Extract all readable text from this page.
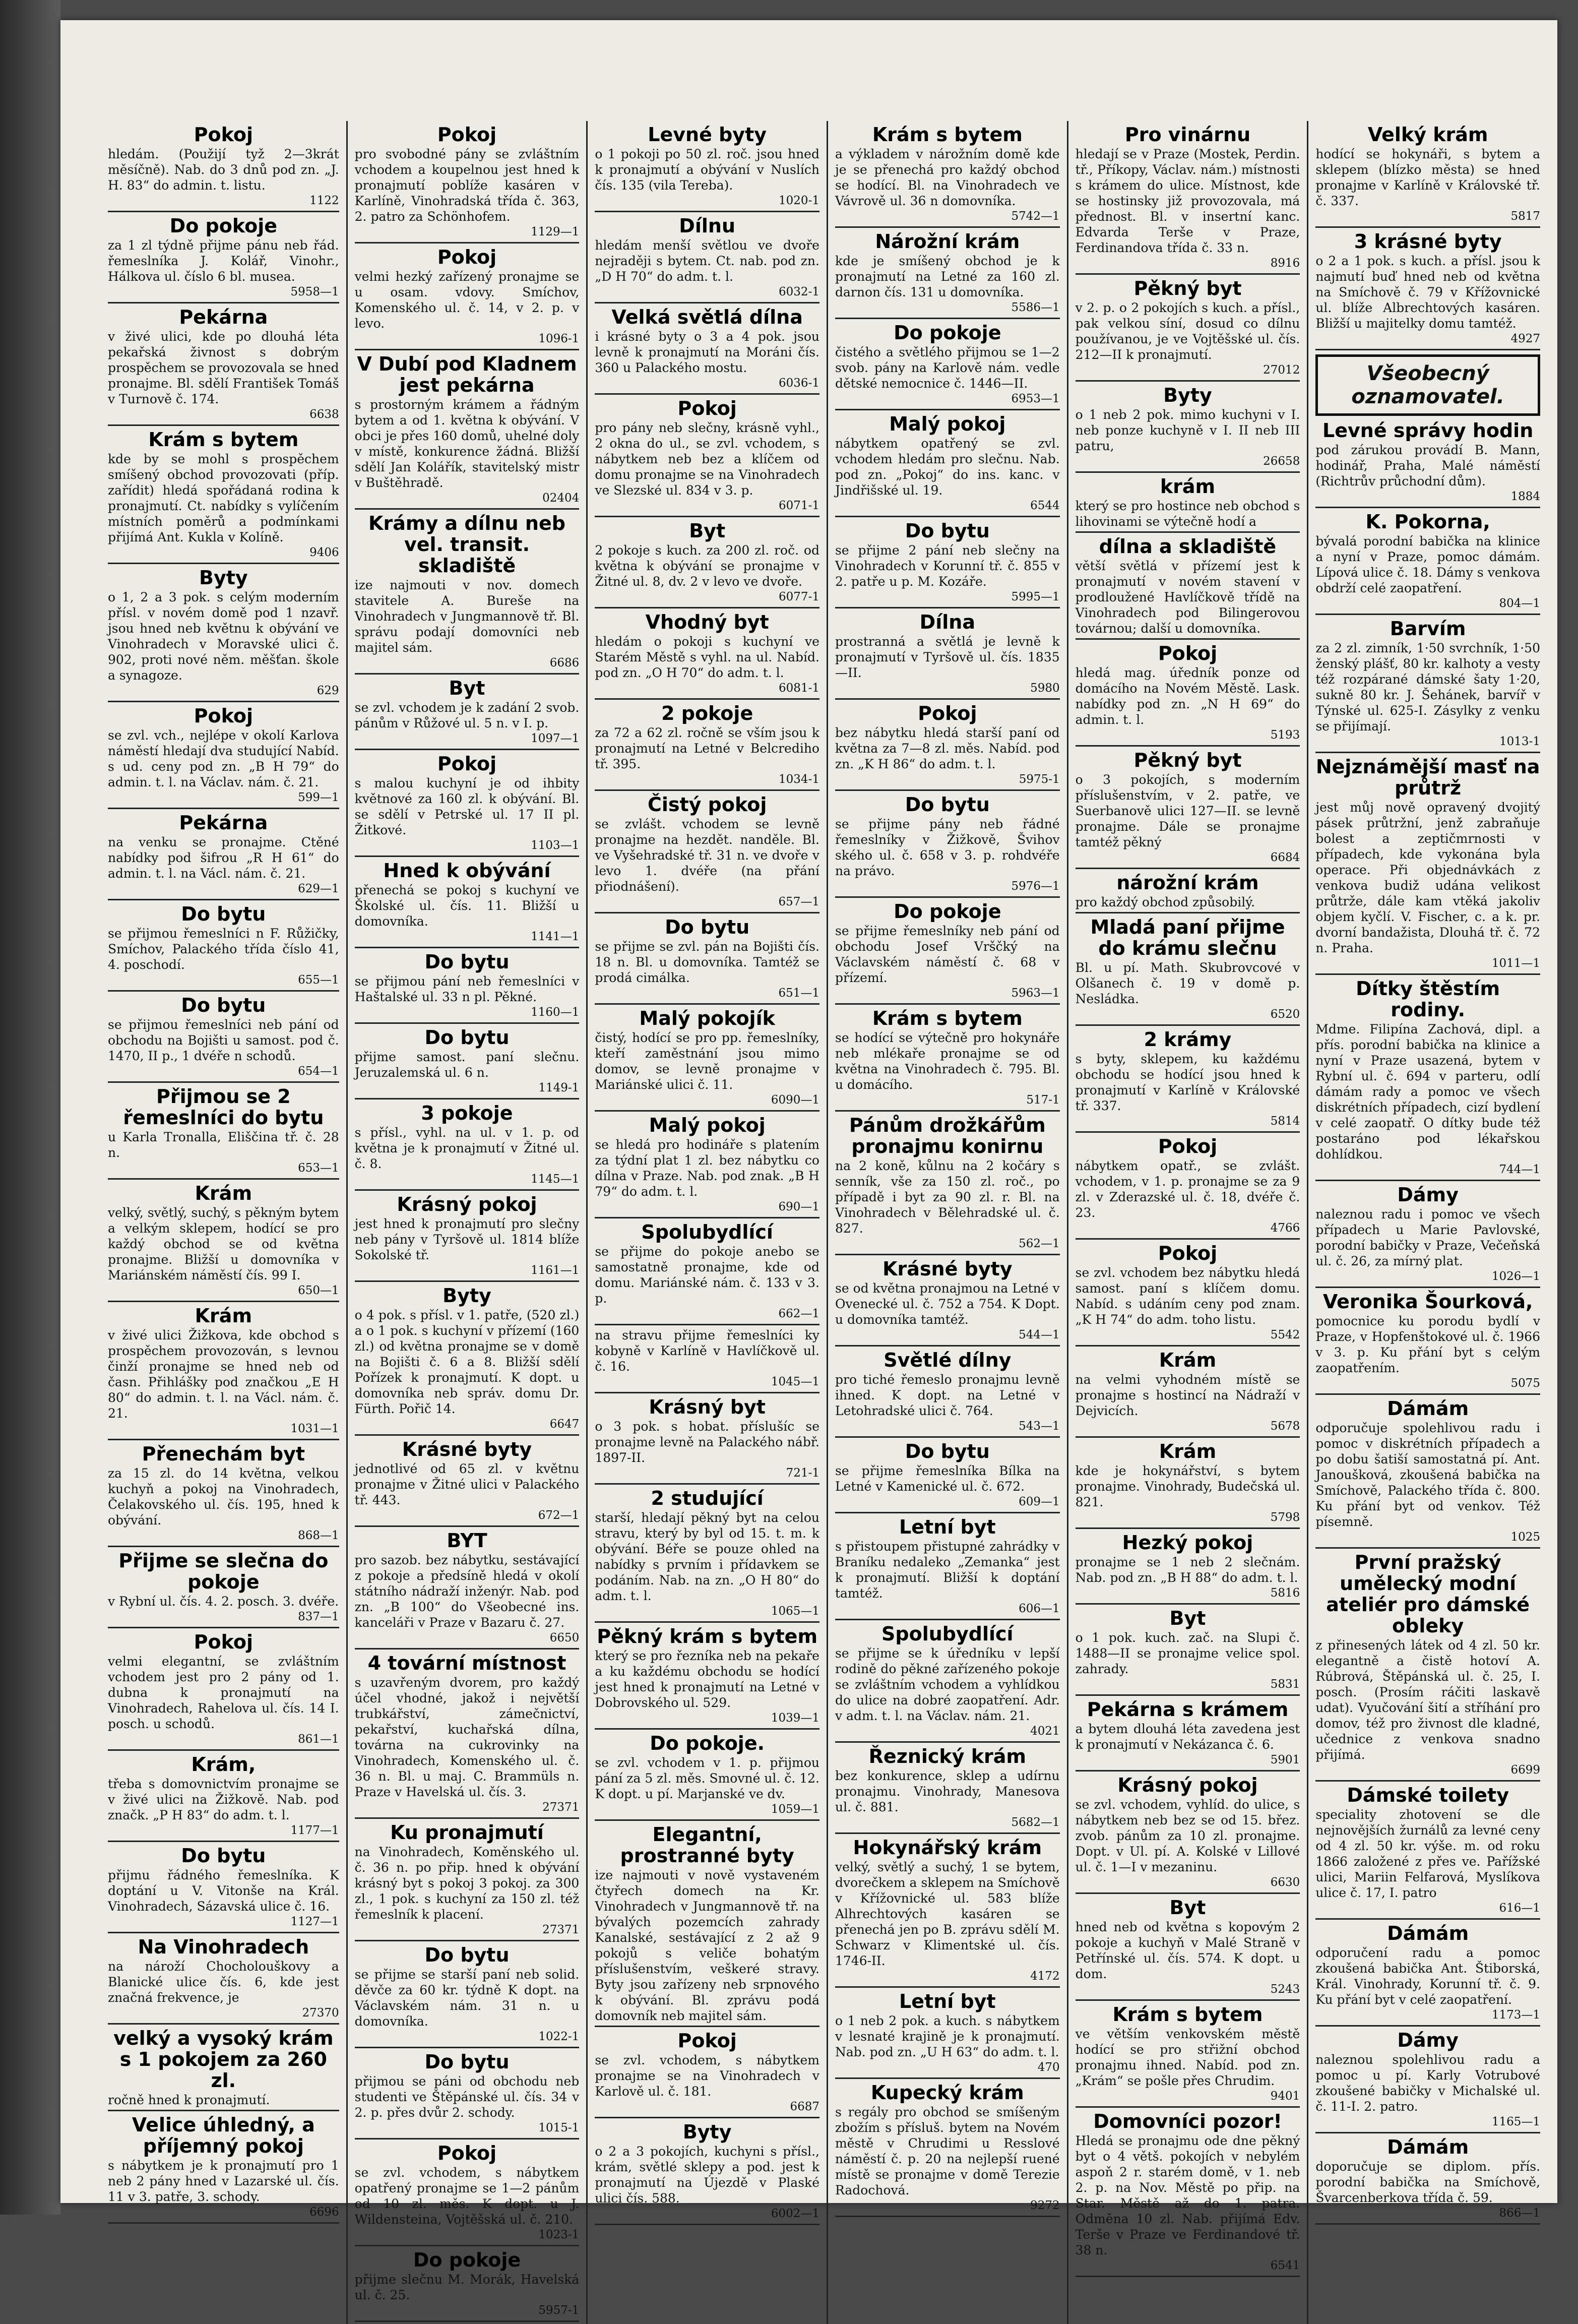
Pokoj

hledám. (Použijí tyž 2—3krát měsíčně). Nab. do 3 dnů pod zn. „J. H. 83“ do admin. t. listu.

1122
Do pokoje

za 1 zl týdně přijme pánu neb řád. řemeslníka J. Kolář, Vinohr., Hálkova ul. číslo 6 bl. musea.

5958—1
Pekárna

v živé ulici, kde po dlouhá léta pekařská živnost s dobrým prospěchem se provozovala se hned pronajme. Bl. sdělí František Tomáš v Turnově č. 174.

6638
Krám s bytem

kde by se mohl s prospěchem smíšený obchod provozovati (příp. zařídit) hledá spořádaná rodina k pronajmutí. Ct. nabídky s vylíčením místních poměrů a podmínkami přijímá Ant. Kukla v Kolíně.

9406
Byty

o 1, 2 a 3 pok. s celým moderním přísl. v novém domě pod 1 nzavř. jsou hned neb květnu k obývání ve Vinohradech v Moravské ulici č. 902, proti nové něm. měšťan. škole a synagoze.

629
Pokoj

se zvl. vch., nejlépe v okolí Karlova náměstí hledají dva studující Nabíd. s ud. ceny pod zn. „B H 79“ do admin. t. l. na Václav. nám. č. 21.

599—1
Pekárna

na venku se pronajme. Ctěné nabídky pod šifrou „R H 61“ do admin. t. l. na Václ. nám. č. 21.

629—1
Do bytu

se přijmou řemeslníci n F. Růžičky, Smíchov, Palackého třída číslo 41, 4. poschodí.

655—1
Do bytu

se přijmou řemeslníci neb pání od obchodu na Bojišti u samost. pod č. 1470, II p., 1 dvéře n schodů.

654—1
Přijmou se 2 řemeslníci do bytu

u Karla Tronalla, Eliščina tř. č. 28 n.

653—1
Krám

velký, světlý, suchý, s pěkným bytem a velkým sklepem, hodící se pro každý obchod se od května pronajme. Bližší u domovníka v Mariánském náměstí čís. 99 I.

650—1
Krám

v živé ulici Žižkova, kde obchod s prospěchem provozován, s levnou činží pronajme se hned neb od časn. Přihlášky pod značkou „E H 80“ do admin. t. l. na Václ. nám. č. 21.

1031—1
Přenechám byt

za 15 zl. do 14 května, velkou kuchyň a pokoj na Vinohradech, Čelakovského ul. čís. 195, hned k obývání.

868—1
Přijme se slečna do pokoje

v Rybní ul. čís. 4. 2. posch. 3. dvéře.

837—1
Pokoj

velmi elegantní, se zvláštním vchodem jest pro 2 pány od 1. dubna k pronajmutí na Vinohradech, Rahelova ul. čís. 14 I. posch. u schodů.

861—1
Krám,

třeba s domovnictvím pronajme se v živé ulici na Žižkově. Nab. pod značk. „P H 83“ do adm. t. l.

1177—1
Do bytu

přijmu řádného řemeslníka. K doptání u V. Vitonše na Král. Vinohradech, Sázavská ulice č. 16.

1127—1
Na Vinohradech

na nároží Chocholouškovy a Blanické ulice čís. 6, kde jest značná frekvence, je

27370
velký a vysoký krám s 1 pokojem za 260 zl.

ročně hned k pronajmutí.

Velice úhledný, a příjemný pokoj

s nábytkem je k pronajmutí pro 1 neb 2 pány hned v Lazarské ul. čís. 11 v 3. patře, 3. schody.

6696
Pokoj

pro svobodné pány se zvláštním vchodem a koupelnou jest hned k pronajmutí poblíže kasáren v Karlíně, Vinohradská třída č. 363, 2. patro za Schönhofem.

1129—1
Pokoj

velmi hezký zařízený pronajme se u osam. vdovy. Smíchov, Komenského ul. č. 14, v 2. p. v levo.

1096-1
V Dubí pod Kladnem jest pekárna

s prostorným krámem a řádným bytem a od 1. května k obývání. V obci je přes 160 domů, uhelné doly v místě, konkurence žádná. Bližší sdělí Jan Kolářík, stavitelský mistr v Buštěhradě.

02404
Krámy a dílnu neb vel. transit. skladiště

ize najmouti v nov. domech stavitele A. Bureše na Vinohradech v Jungmannově tř. Bl. správu podají domovníci neb majitel sám.

6686
Byt

se zvl. vchodem je k zadání 2 svob. pánům v Růžové ul. 5 n. v I. p.

1097—1
Pokoj

s malou kuchyní je od ihbity květnové za 160 zl. k obývání. Bl. se sdělí v Petrské ul. 17 II pl. Žitkové.

1103—1
Hned k obývání

přenechá se pokoj s kuchyní ve Školské ul. čís. 11. Bližší u domovníka.

1141—1
Do bytu

se přijmou pání neb řemeslníci v Haštalské ul. 33 n pl. Pěkné.

1160—1
Do bytu

přijme samost. paní slečnu. Jeruzalemská ul. 6 n.

1149-1
3 pokoje

s přísl., vyhl. na ul. v 1. p. od května je k pronajmutí v Žitné ul. č. 8.

1145—1
Krásný pokoj

jest hned k pronajmutí pro slečny neb pány v Tyršově ul. 1814 blíže Sokolské tř.

1161—1
Byty

o 4 pok. s přísl. v 1. patře, (520 zl.) a o 1 pok. s kuchyní v přízemí (160 zl.) od května pronajme se v domě na Bojišti č. 6 a 8. Bližší sdělí Pořízek k pronajmutí. K dopt. u domovníka neb správ. domu Dr. Fürth. Pořič 14.

6647
Krásné byty

jednotlivé od 65 zl. v květnu pronajme v Žitné ulici v Palackého tř. 443.

672—1
BYT

pro sazob. bez nábytku, sestávající z pokoje a předsíně hledá v okolí státního nádraží inženýr. Nab. pod zn. „B 100“ do Všeobecné ins. kanceláři v Praze v Bazaru č. 27.

6650
4 tovární místnost

s uzavřeným dvorem, pro každý účel vhodné, jakož i největší trubkářství, zámečnictví, pekařství, kuchařská dílna, továrna na cukrovinky na Vinohradech, Komenského ul. č. 36 n. Bl. u maj. C. Brammüls n. Praze v Havelská ul. čís. 3.

27371
Ku pronajmutí

na Vinohradech, Koměnského ul. č. 36 n. po přip. hned k obývání krásný byt s pokoj 3 pokoj. za 300 zl., 1 pok. s kuchyní za 150 zl. též řemeslník k placení.

27371
Do bytu

se přijme se starší paní neb solid. děvče za 60 kr. týdně K dopt. na Václavském nám. 31 n. u domovníka.

1022-1
Do bytu

přijmou se páni od obchodu neb studenti ve Štěpánské ul. čís. 34 v 2. p. přes dvůr 2. schody.

1015-1
Pokoj

se zvl. vchodem, s nábytkem opatřený pronajme se 1—2 pánům od 10 zl. měs. K dopt. u J. Wildensteina, Vojtěšská ul. č. 210.

1023-1
Do pokoje

přijme slečnu M. Morák, Havelská ul. č. 25.

5957-1
Levné byty

o 1 pokoji po 50 zl. roč. jsou hned k pronajmutí a obývání v Nuslích čís. 135 (vila Tereba).

1020-1
Dílnu

hledám menší světlou ve dvoře nejraději s bytem. Ct. nab. pod zn. „D H 70“ do adm. t. l.

6032-1
Velká světlá dílna

i krásné byty o 3 a 4 pok. jsou levně k pronajmutí na Moráni čís. 360 u Palackého mostu.

6036-1
Pokoj

pro pány neb slečny, krásně vyhl., 2 okna do ul., se zvl. vchodem, s nábytkem neb bez a klíčem od domu pronajme se na Vinohradech ve Slezské ul. 834 v 3. p.

6071-1
Byt

2 pokoje s kuch. za 200 zl. roč. od května k obývání se pronajme v Žitné ul. 8, dv. 2 v levo ve dvoře.

6077-1
Vhodný byt

hledám o pokoji s kuchyní ve Starém Městě s vyhl. na ul. Nabíd. pod zn. „O H 70“ do adm. t. l.

6081-1
2 pokoje

za 72 a 62 zl. ročně se vším jsou k pronajmutí na Letné v Belcrediho tř. 395.

1034-1
Čistý pokoj

se zvlášt. vchodem se levně pronajme na hezdět. nanděle. Bl. ve Vyšehradské tř. 31 n. ve dvoře v levo 1. dvéře (na přání přiodnášení).

657—1
Do bytu

se přijme se zvl. pán na Bojišti čís. 18 n. Bl. u domovníka. Tamtéž se prodá cimálka.

651—1
Malý pokojík

čistý, hodící se pro pp. řemeslníky, kteří zaměstnání jsou mimo domov, se levně pronajme v Mariánské ulici č. 11.

6090—1
Malý pokoj

se hledá pro hodináře s platením za týdní plat 1 zl. bez nábytku co dílna v Praze. Nab. pod znak. „B H 79“ do adm. t. l.

690—1
Spolubydlící

se přijme do pokoje anebo se samostatně pronajme, kde od domu. Mariánské nám. č. 133 v 3. p.

662—1

na stravu přijme řemeslníci ky kobyně v Karlíně v Havlíčkově ul. č. 16.

1045—1
Krásný byt

o 3 pok. s hobat. příslušíc se pronajme levně na Palackého nábř. 1897-II.

721-1
2 studující

starší, hledají pěkný byt na celou stravu, který by byl od 15. t. m. k obývání. Béře se pouze ohled na nabídky s prvním i přídavkem se podáním. Nab. na zn. „O H 80“ do adm. t. l.

1065—1
Pěkný krám s bytem

který se pro řezníka neb na pekaře a ku každému obchodu se hodící jest hned k pronajmutí na Letné v Dobrovského ul. 529.

1039—1
Do pokoje.

se zvl. vchodem v 1. p. přijmou pání za 5 zl. měs. Smovné ul. č. 12. K dopt. u pí. Marjanské ve dv.

1059—1
Elegantní, prostranné byty

ize najmouti v nově vystaveném čtyřech domech na Kr. Vinohradech v Jungmannově tř. na bývalých pozemcích zahrady Kanalské, sestávající z 2 až 9 pokojů s veliče bohatým příslušenstvím, veškeré stravy. Byty jsou zařízeny neb srpnového k obývání. Bl. zprávu podá domovník neb majitel sám.

Pokoj

se zvl. vchodem, s nábytkem pronajme se na Vinohradech v Karlově ul. č. 181.

6687
Byty

o 2 a 3 pokojích, kuchyni s přísl., krám, světlé sklepy a pod. jest k pronajmutí na Újezdě v Plaské ulici čís. 588.

6002—1
Krám s bytem

a výkladem v nárožním domě kde je se přenechá pro každý obchod se hodící. Bl. na Vinohradech ve Vávrově ul. 36 n domovníka.

5742—1
Nárožní krám

kde je smíšený obchod je k pronajmutí na Letné za 160 zl. darnon čís. 131 u domovníka.

5586—1
Do pokoje

čistého a světlého přijmou se 1—2 svob. pány na Karlově nám. vedle dětské nemocnice č. 1446—II.

6953—1
Malý pokoj

nábytkem opatřený se zvl. vchodem hledám pro slečnu. Nab. pod zn. „Pokoj“ do ins. kanc. v Jindřišské ul. 19.

6544
Do bytu

se přijme 2 pání neb slečny na Vinohradech v Korunní tř. č. 855 v 2. patře u p. M. Kozáře.

5995—1
Dílna

prostranná a světlá je levně k pronajmutí v Tyršově ul. čís. 1835—II.

5980
Pokoj

bez nábytku hledá starší paní od května za 7—8 zl. měs. Nabíd. pod zn. „K H 86“ do adm. t. l.

5975-1
Do bytu

se přijme pány neb řádné řemeslníky v Žižkově, Švihov ského ul. č. 658 v 3. p. rohdvéře na právo.

5976—1
Do pokoje

se přijme řemeslníky neb pání od obchodu Josef Vrščký na Václavském náměstí č. 68 v přízemí.

5963—1
Krám s bytem

se hodící se výtečně pro hokynáře neb mlékaře pronajme se od května na Vinohradech č. 795. Bl. u domácího.

517-1
Pánům drožkářům pronajmu konirnu

na 2 koně, kůlnu na 2 kočáry s senník, vše za 150 zl. roč., po případě i byt za 90 zl. r. Bl. na Vinohradech v Bělehradské ul. č. 827.

562—1
Krásné byty

se od května pronajmou na Letné v Ovenecké ul. č. 752 a 754. K Dopt. u domovníka tamtéž.

544—1
Světlé dílny

pro tiché řemeslo pronajmu levně ihned. K dopt. na Letné v Letohradské ulici č. 764.

543—1
Do bytu

se přijme řemeslníka Bílka na Letné v Kamenické ul. č. 672.

609—1
Letní byt

s přistoupem přistupné zahrádky v Braníku nedaleko „Zemanka“ jest k pronajmutí. Bližší k doptání tamtéž.

606—1
Spolubydlící

se přijme se k úředníku v lepší rodině do pěkné zařízeného pokoje se zvláštním vchodem a vyhlídkou do ulice na dobré zaopatření. Adr. v adm. t. l. na Václav. nám. 21.

4021
Řeznický krám

bez konkurence, sklep a udírnu pronajmu. Vinohrady, Manesova ul. č. 881.

5682—1
Hokynářský krám

velký, světlý a suchý, 1 se bytem, dvorečkem a sklepem na Smíchově v Křížovnické ul. 583 blíže Alhrechtových kasáren se přenechá jen po B. zprávu sdělí M. Schwarz v Klimentské ul. čís. 1746-II.

4172
Letní byt

o 1 neb 2 pok. a kuch. s nábytkem v lesnaté krajině je k pronajmutí. Nab. pod zn. „U H 63“ do adm. t. l.

470
Kupecký krám

s regály pro obchod se smíšeným zbožím s přísluš. bytem na Novém městě v Chrudimi u Resslové náměstí č. p. 20 na nejlepší ruené místě se pronajme v domě Terezie Radochová.

9272
Pro vinárnu

hledají se v Praze (Mostek, Perdin. tř., Příkopy, Václav. nám.) místnosti s krámem do ulice. Místnost, kde se hostinsky již provozovala, má přednost. Bl. v insertní kanc. Edvarda Terše v Praze, Ferdinandova třída č. 33 n.

8916
Pěkný byt

v 2. p. o 2 pokojích s kuch. a přísl., pak velkou síní, dosud co dílnu používanou, je ve Vojtěšské ul. čís. 212—II k pronajmutí.

27012
Byty

o 1 neb 2 pok. mimo kuchyni v I. neb ponze kuchyně v I. II neb III patru,

26658
krám

který se pro hostince neb obchod s lihovinami se výtečně hodí a

dílna a skladiště

větší světlá v přízemí jest k pronajmutí v novém stavení v prodloužené Havlíčkově třídě na Vinohradech pod Bilingerovou továrnou; další u domovníka.

Pokoj

hledá mag. úředník ponze od domácího na Novém Městě. Lask. nabídky pod zn. „N H 69“ do admin. t. l.

5193
Pěkný byt

o 3 pokojích, s moderním příslušenstvím, v 2. patře, ve Suerbanově ulici 127—II. se levně pronajme. Dále se pronajme tamtéž pěkný

6684
nárožní krám

pro každý obchod způsobilý.

Mladá paní přijme do krámu slečnu

Bl. u pí. Math. Skubrovcové v Olšanech č. 19 v domě p. Nesládka.

6520
2 krámy

s byty, sklepem, ku každému obchodu se hodící jsou hned k pronajmutí v Karlíně v Královské tř. 337.

5814
Pokoj

nábytkem opatř., se zvlášt. vchodem, v 1. p. pronajme se za 9 zl. v Zderazské ul. č. 18, dvéře č. 23.

4766
Pokoj

se zvl. vchodem bez nábytku hledá samost. paní s klíčem domu. Nabíd. s udáním ceny pod znam. „K H 74“ do adm. toho listu.

5542
Krám

na velmi vyhodném místě se pronajme s hostincí na Nádraží v Dejvicích.

5678
Krám

kde je hokynářství, s bytem pronajme. Vinohrady, Budečská ul. 821.

5798
Hezký pokoj

pronajme se 1 neb 2 slečnám. Nab. pod zn. „B H 88“ do adm. t. l.

5816
Byt

o 1 pok. kuch. zač. na Slupi č. 1488—II se pronajme velice spol. zahrady.

5831
Pekárna s krámem

a bytem dlouhá léta zavedena jest k pronajmutí v Nekázanca č. 6.

5901
Krásný pokoj

se zvl. vchodem, vyhlíd. do ulice, s nábytkem neb bez se od 15. břez. zvob. pánům za 10 zl. pronajme. Dopt. v Ul. pí. A. Kolské v Lillové ul. č. 1—I v mezaninu.

6630
Byt

hned neb od května s kopovým 2 pokoje a kuchyň v Malé Straně v Petřínské ul. čís. 574. K dopt. u dom.

5243
Krám s bytem

ve větším venkovském městě hodící se pro střižní obchod pronajmu ihned. Nabíd. pod zn. „Krám“ se pošle přes Chrudim.

9401
Domovníci pozor!

Hledá se pronajmu ode dne pěkný byt o 4 větš. pokojích v nebylém aspoň 2 r. starém domě, v 1. neb 2. p. na Nov. Městě po přip. na Star. Městě až do 1. patra. Odměna 10 zl. Nab. přijímá Edv. Terše v Praze ve Ferdinandové tř. 38 n.

6541
Velký krám

hodící se hokynáři, s bytem a sklepem (blízko města) se hned pronajme v Karlíně v Královské tř. č. 337.

5817
3 krásné byty

o 2 a 1 pok. s kuch. a přísl. jsou k najmutí buď hned neb od května na Smíchově č. 79 v Křížovnické ul. blíže Albrechtových kasáren. Bližší u majitelky domu tamtéž.

4927
Všeobecný oznamovatel.
Levné správy hodin

pod zárukou provádí B. Mann, hodinář, Praha, Malé náměstí (Richtrův průchodní dům).

1884
K. Pokorna,

bývalá porodní babička na klinice a nyní v Praze, pomoc dámám. Lípová ulice č. 18. Dámy s venkova obdrží celé zaopatření.

804—1
Barvím

za 2 zl. zimník, 1·50 svrchník, 1·50 ženský plášť, 80 kr. kalhoty a vesty též rozpárané dámské šaty 1·20, sukně 80 kr. J. Šehánek, barvíř v Týnské ul. 625-I. Zásylky z venku se přijímají.

1013-1
Nejznámější masť na průtrž

jest můj nově opravený dvojitý pásek průtržní, jenž zabraňuje bolest a zeptičmrnosti v případech, kde vykonána byla operace. Při objednávkách z venkova budiž udána velikost průtrže, dále kam vtěká jakoliv objem kyčlí. V. Fischer, c. a k. pr. dvorní bandažista, Dlouhá tř. č. 72 n. Praha.

1011—1
Dítky štěstím rodiny.

Mdme. Filipína Zachová, dipl. a přís. porodní babička na klinice a nyní v Praze usazená, bytem v Rybní ul. č. 694 v parteru, odlí dámám rady a pomoc ve všech diskrétních případech, cizí bydlení v celé zaopatř. O dítky bude též postaráno pod lékařskou dohlídkou.

744—1
Dámy

naleznou radu i pomoc ve všech případech u Marie Pavlovské, porodní babičky v Praze, Večeňská ul. č. 26, za mírný plat.

1026—1
Veronika Šourková,

pomocnice ku porodu bydlí v Praze, v Hopfenštokové ul. č. 1966 v 3. p. Ku přání byt s celým zaopatřením.

5075
Dámám

odporučuje spolehlivou radu i pomoc v diskrétních případech a po dobu šatiší samostatná pí. Ant. Janoušková, zkoušená babička na Smíchově, Palackého třída č. 800. Ku přání byt od venkov. Též písemně.

1025
První pražský umělecký modní ateliér pro dámské obleky

z přinesených látek od 4 zl. 50 kr. elegantně a čistě hotoví A. Rúbrová, Štěpánská ul. č. 25, I. posch. (Prosím ráčiti laskavě udat). Vyučování šití a stříhání pro domov, též pro živnost dle kladné, učednice z venkova snadno přijímá.

6699
Dámské toilety

speciality zhotovení se dle nejnovějších žurnálů za levné ceny od 4 zl. 50 kr. výše. m. od roku 1866 založené z přes ve. Pařížské ulici, Mariin Felfarová, Myslíkova ulice č. 17, I. patro

616—1
Dámám

odporučení radu a pomoc zkoušená babička Ant. Štiborská, Král. Vinohrady, Korunní tř. č. 9. Ku přání byt v celé zaopatření.

1173—1
Dámy

naleznou spolehlivou radu a pomoc u pí. Karly Votrubové zkoušené babičky v Michalské ul. č. 11-I. 2. patro.

1165—1
Dámám

doporučuje se diplom. přís. porodní babička na Smíchově, Švarcenberkova třída č. 59.

866—1
